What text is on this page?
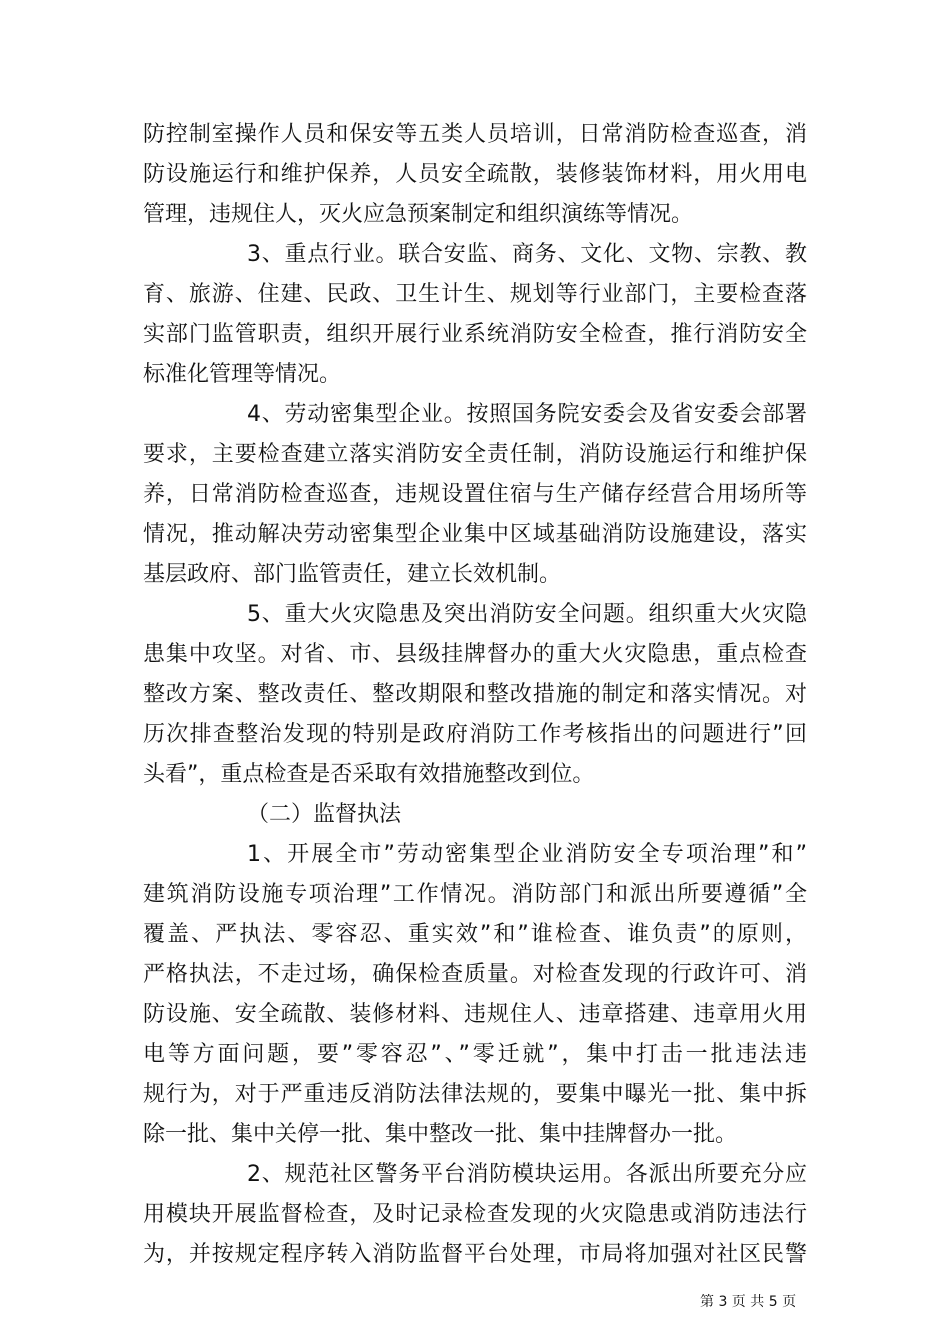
防控制室操作人员和保安等五类人员培训，日常消防检查巡查，消
防设施运行和维护保养，人员安全疏散，装修装饰材料，用火用电
管理，违规住人，灭火应急预案制定和组织演练等情况。
3、重点行业。联合安监、商务、文化、文物、宗教、教
育、旅游、住建、民政、卫生计生、规划等行业部门，主要检查落
实部门监管职责，组织开展行业系统消防安全检查，推行消防安全
标准化管理等情况。
4、劳动密集型企业。按照国务院安委会及省安委会部署
要求，主要检查建立落实消防安全责任制，消防设施运行和维护保
养，日常消防检查巡查，违规设置住宿与生产储存经营合用场所等
情况，推动解决劳动密集型企业集中区域基础消防设施建设，落实
基层政府、部门监管责任，建立长效机制。
5、重大火灾隐患及突出消防安全问题。组织重大火灾隐
患集中攻坚。对省、市、县级挂牌督办的重大火灾隐患，重点检查
整改方案、整改责任、整改期限和整改措施的制定和落实情况。对
历次排查整治发现的特别是政府消防工作考核指出的问题进行”回
头看”，重点检查是否采取有效措施整改到位。
（二）监督执法
1、开展全市”劳动密集型企业消防安全专项治理”和”
建筑消防设施专项治理”工作情况。消防部门和派出所要遵循”全
覆盖、严执法、零容忍、重实效”和”谁检查、谁负责”的原则，
严格执法，不走过场，确保检查质量。对检查发现的行政许可、消
防设施、安全疏散、装修材料、违规住人、违章搭建、违章用火用
电等方面问题，要”零容忍”、”零迁就”，集中打击一批违法违
规行为，对于严重违反消防法律法规的，要集中曝光一批、集中拆
除一批、集中关停一批、集中整改一批、集中挂牌督办一批。
2、规范社区警务平台消防模块运用。各派出所要充分应
用模块开展监督检查，及时记录检查发现的火灾隐患或消防违法行
为，并按规定程序转入消防监督平台处理，市局将加强对社区民警
第 3 页 共 5 页
